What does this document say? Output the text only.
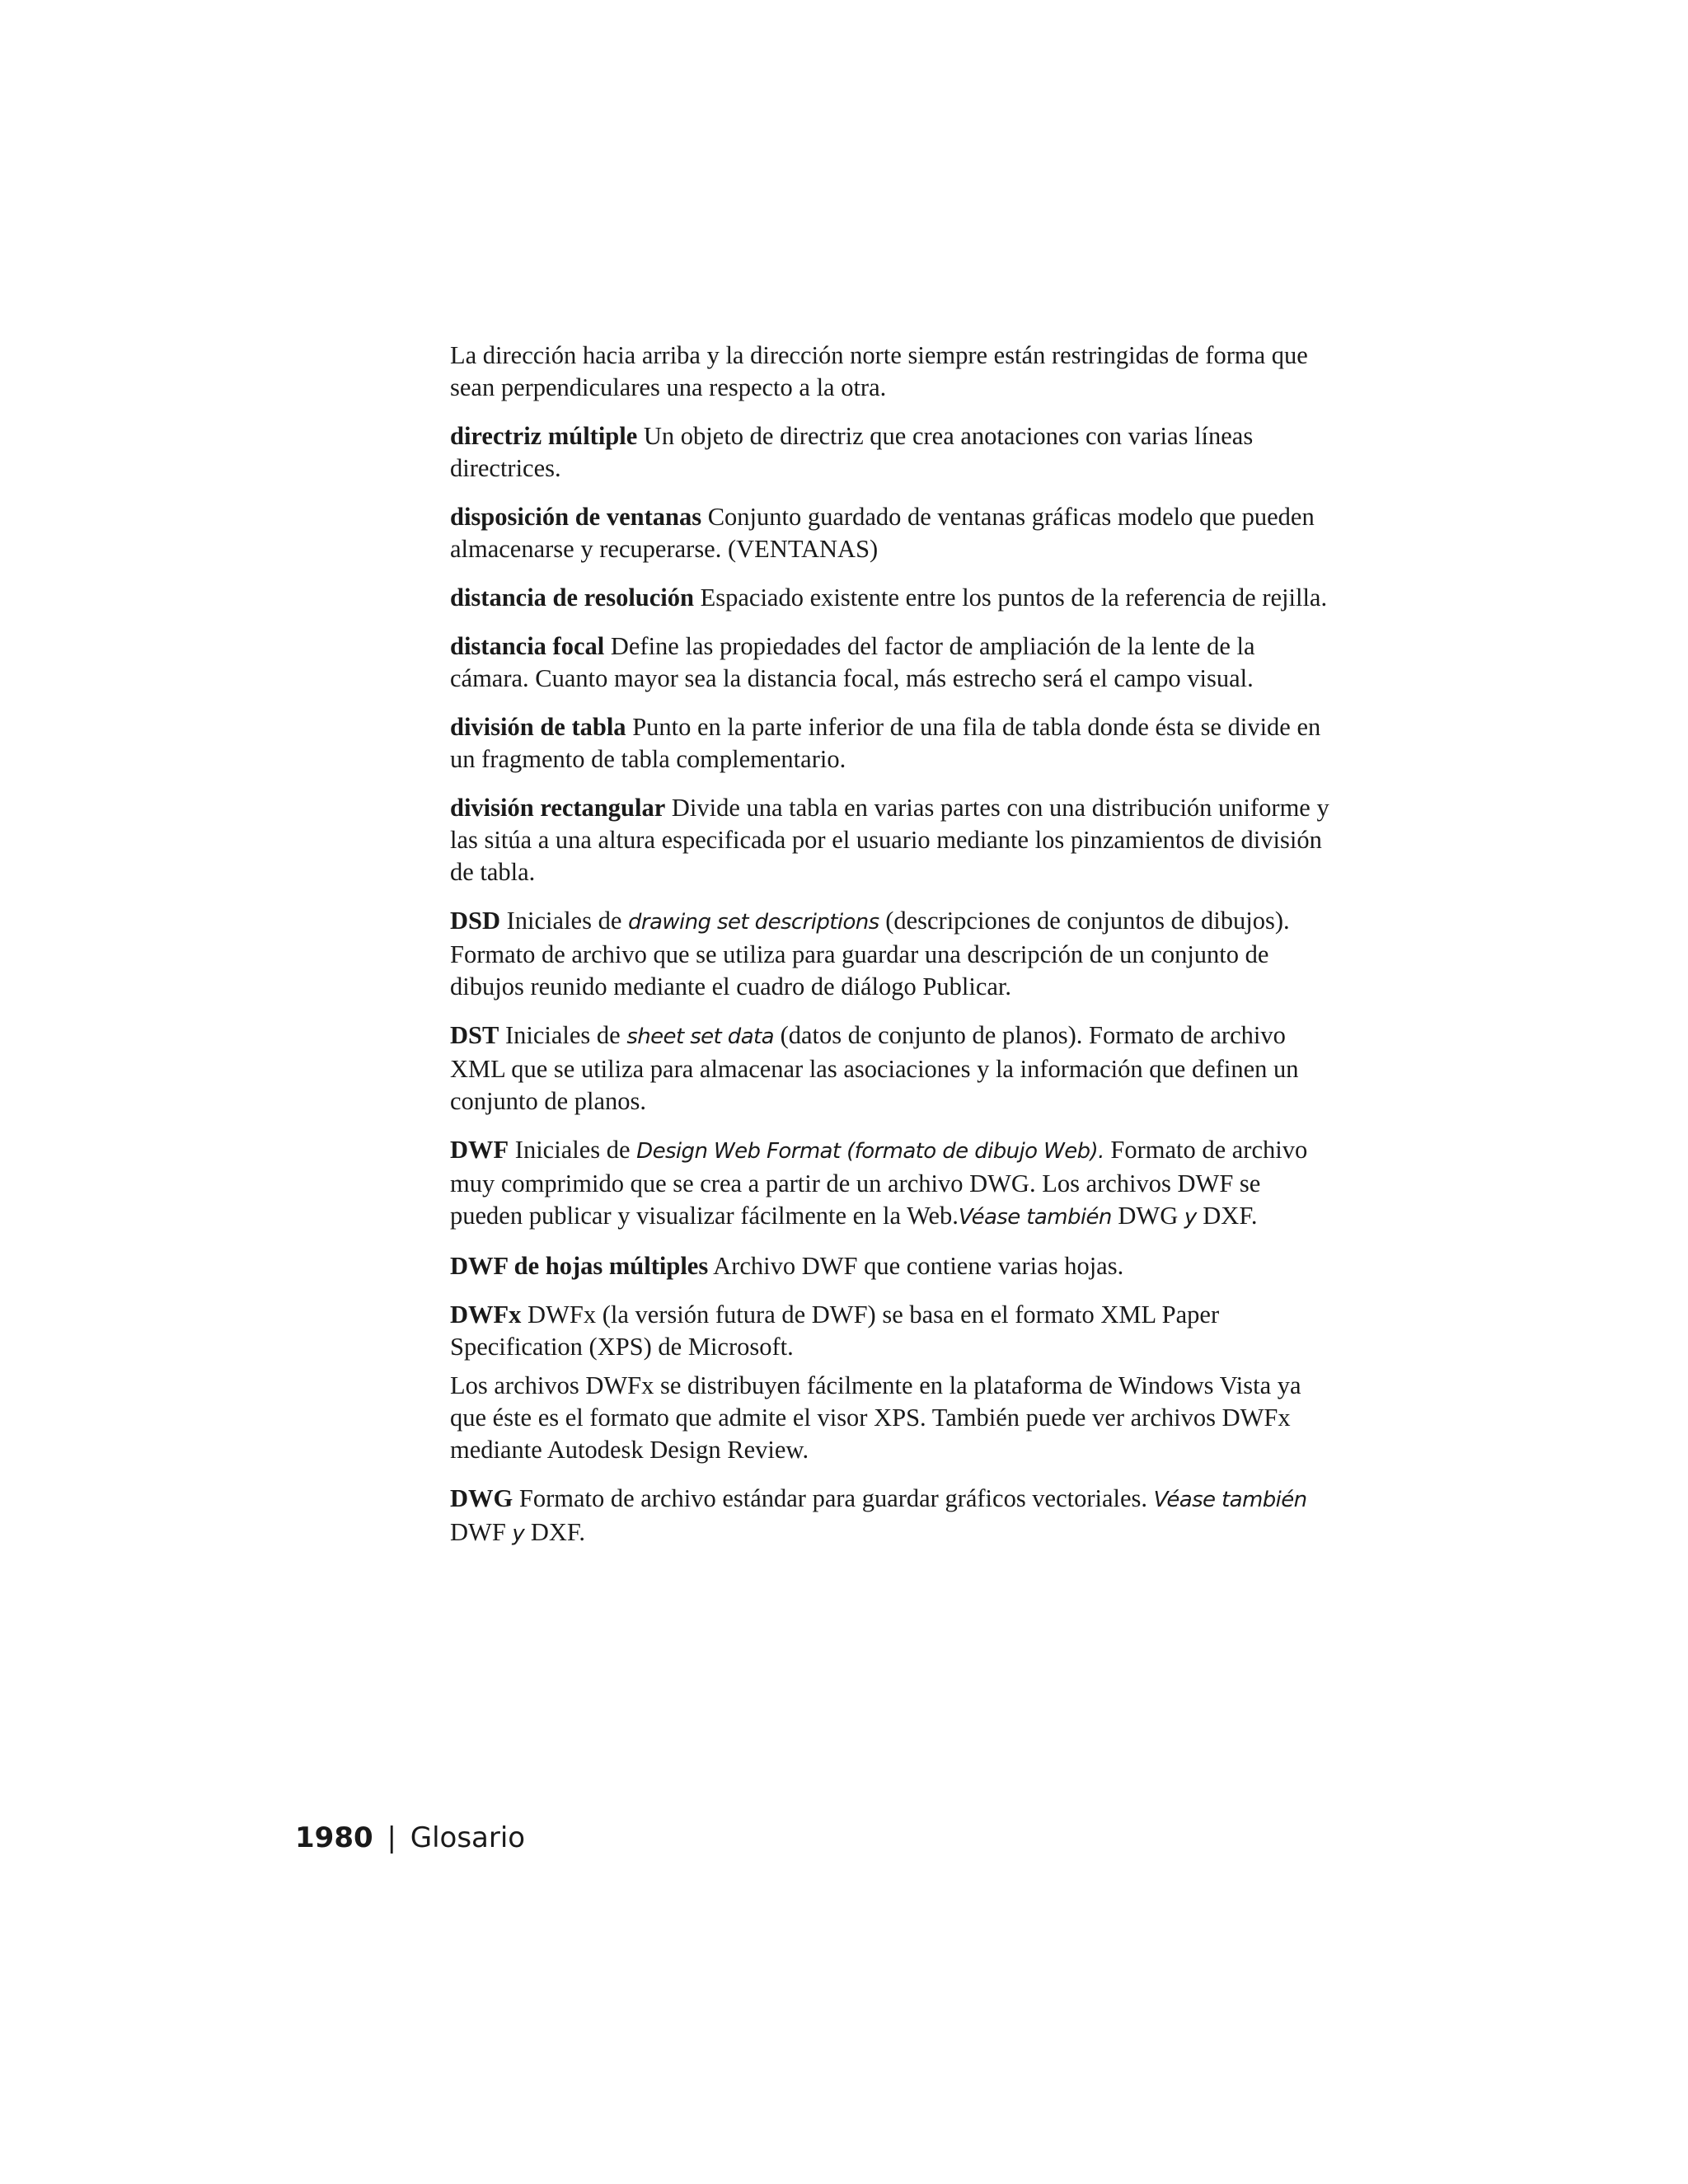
La dirección hacia arriba y la dirección norte siempre están restringidas de forma que sean perpendiculares una respecto a la otra.

directriz múltiple Un objeto de directriz que crea anotaciones con varias líneas directrices.

disposición de ventanas Conjunto guardado de ventanas gráficas modelo que pueden almacenarse y recuperarse. (VENTANAS)

distancia de resolución Espaciado existente entre los puntos de la referencia de rejilla.

distancia focal Define las propiedades del factor de ampliación de la lente de la cámara. Cuanto mayor sea la distancia focal, más estrecho será el campo visual.

división de tabla Punto en la parte inferior de una fila de tabla donde ésta se divide en un fragmento de tabla complementario.

división rectangular Divide una tabla en varias partes con una distribución uniforme y las sitúa a una altura especificada por el usuario mediante los pinzamientos de división de tabla.

DSD Iniciales de drawing set descriptions (descripciones de conjuntos de dibujos). Formato de archivo que se utiliza para guardar una descripción de un conjunto de dibujos reunido mediante el cuadro de diálogo Publicar.

DST Iniciales de sheet set data (datos de conjunto de planos). Formato de archivo XML que se utiliza para almacenar las asociaciones y la información que definen un conjunto de planos.

DWF Iniciales de Design Web Format (formato de dibujo Web). Formato de archivo muy comprimido que se crea a partir de un archivo DWG. Los archivos DWF se pueden publicar y visualizar fácilmente en la Web.Véase también DWG y DXF.

DWF de hojas múltiples Archivo DWF que contiene varias hojas.

DWFx DWFx (la versión futura de DWF) se basa en el formato XML Paper Specification (XPS) de Microsoft.

Los archivos DWFx se distribuyen fácilmente en la plataforma de Windows Vista ya que éste es el formato que admite el visor XPS. También puede ver archivos DWFx mediante Autodesk Design Review.

DWG Formato de archivo estándar para guardar gráficos vectoriales. Véase también DWF y DXF.

1980 | Glosario
